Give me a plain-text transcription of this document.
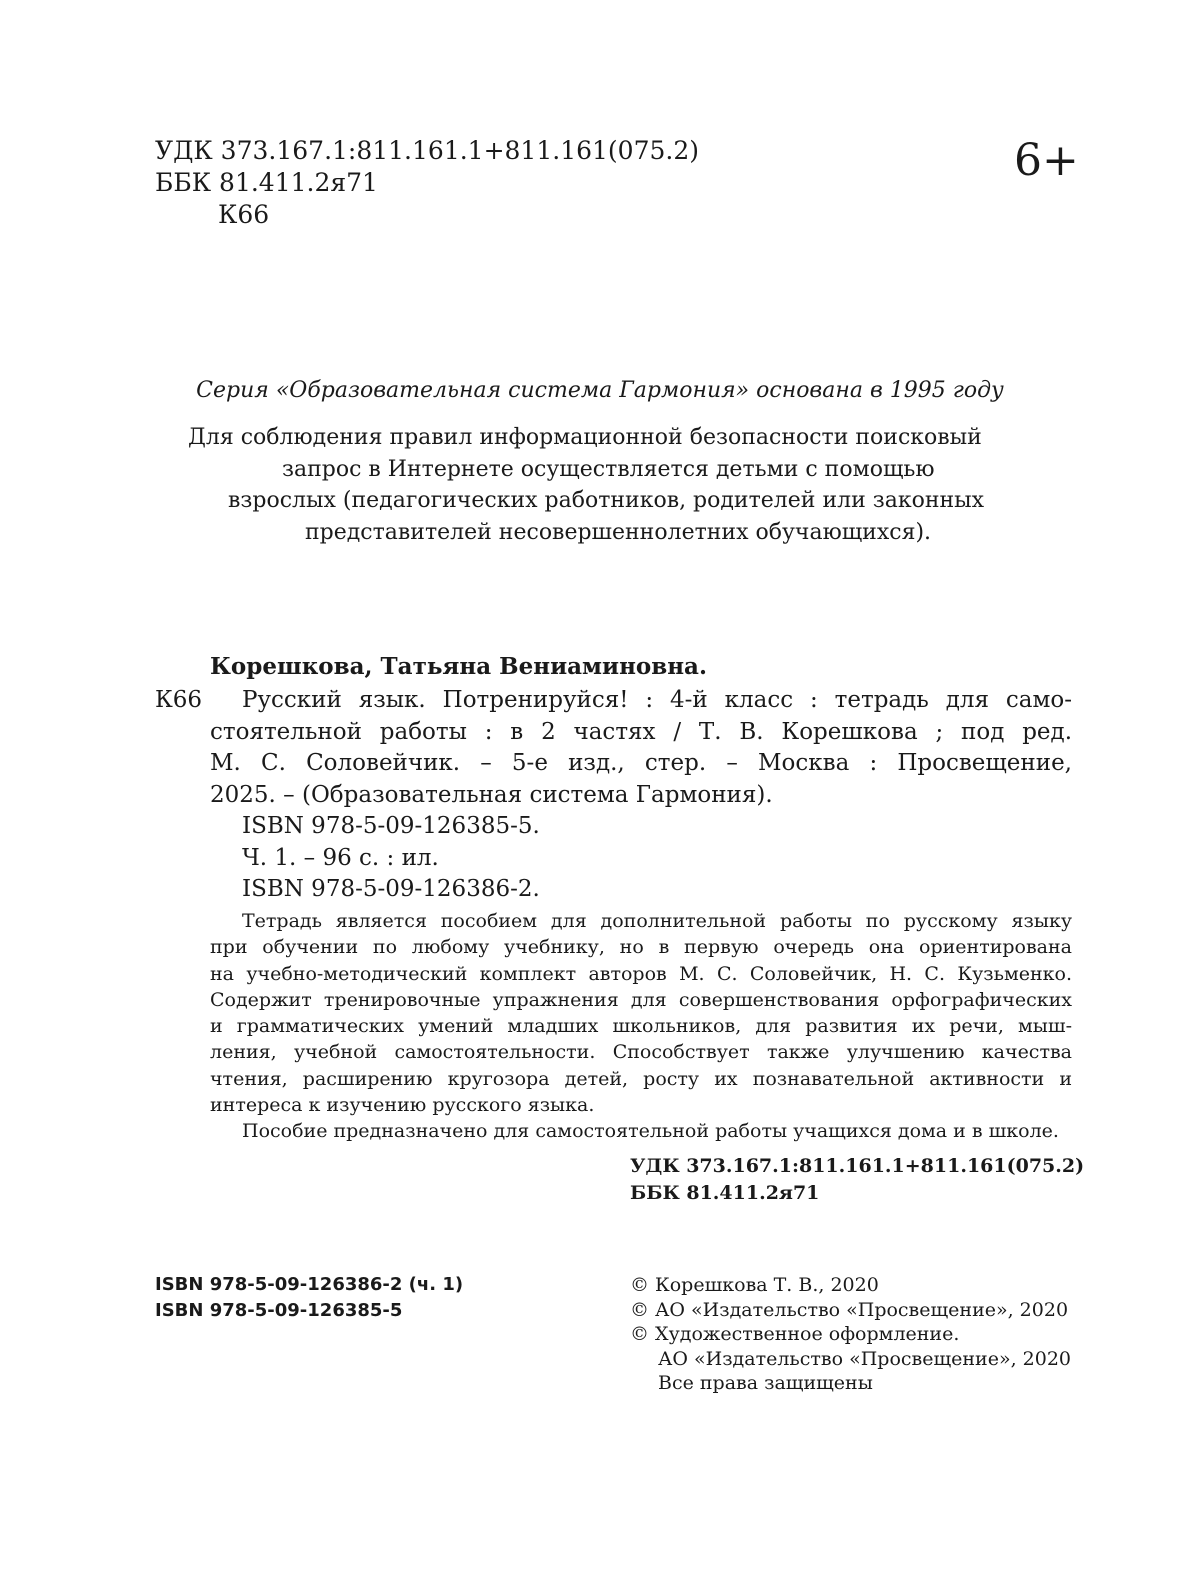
УДК 373.167.1:811.161.1+811.161(075.2)
ББК 81.411.2я71
К66
6+
Серия «Образовательная система Гармония» основана в 1995 году
Для соблюдения правил информационной безопасности поисковый
запрос в Интернете осуществляется детьми с помощью
взрослых (педагогических работников, родителей или законных
представителей несовершеннолетних обучающихся).
Корешкова, Татьяна Вениаминовна.
К66	Русский язык. Потренируйся! : 4-й класс : тетрадь для само-
стоятельной работы : в 2 частях / Т. В. Корешкова ; под ред.
М. С. Соловейчик. – 5-е изд., стер. – Москва : Просвещение,
2025. – (Образовательная система Гармония).
ISBN 978-5-09-126385-5.
Ч. 1. – 96 с. : ил.
ISBN 978-5-09-126386-2.
Тетрадь является пособием для дополнительной работы по русскому языку
при обучении по любому учебнику, но в первую очередь она ориентирована
на учебно-методический комплект авторов М. С. Соловейчик, Н. С. Кузьменко.
Содержит тренировочные упражнения для совершенствования орфографических
и грамматических умений младших школьников, для развития их речи, мыш-
ления, учебной самостоятельности. Способствует также улучшению качества
чтения, расширению кругозора детей, росту их познавательной активности и
интереса к изучению русского языка.
Пособие предназначено для самостоятельной работы учащихся дома и в школе.
УДК 373.167.1:811.161.1+811.161(075.2)
ББК 81.411.2я71
ISBN 978-5-09-126386-2 (ч. 1)
ISBN 978-5-09-126385-5
© Корешкова Т. В., 2020
© АО «Издательство «Просвещение», 2020
© Художественное оформление.
АО «Издательство «Просвещение», 2020
Все права защищены
